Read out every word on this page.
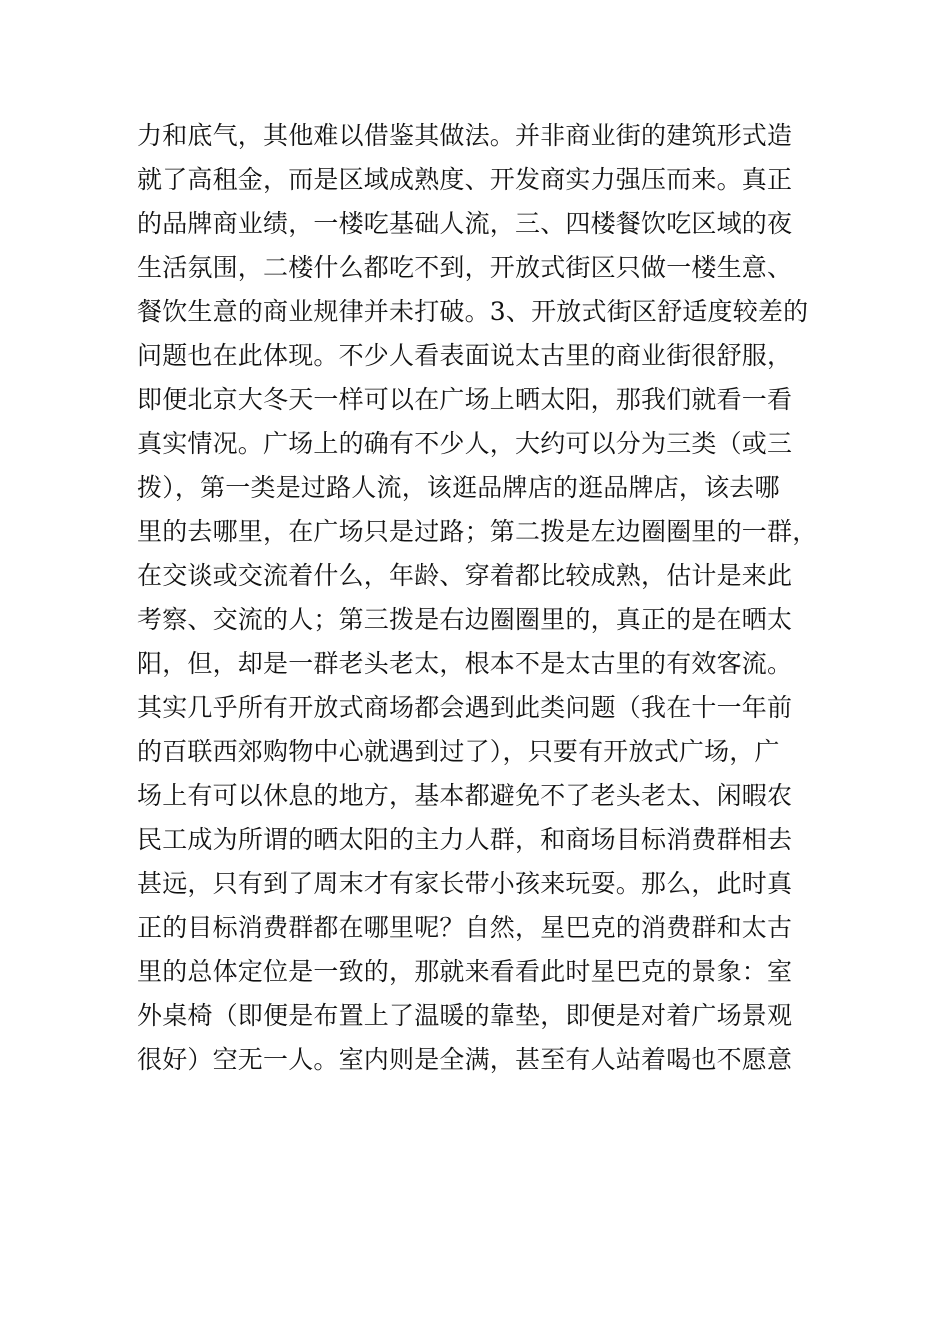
力和底气，其他难以借鉴其做法。并非商业街的建筑形式造
就了高租金，而是区域成熟度、开发商实力强压而来。真正
的品牌商业绩，一楼吃基础人流，三、四楼餐饮吃区域的夜
生活氛围，二楼什么都吃不到，开放式街区只做一楼生意、
餐饮生意的商业规律并未打破。3、开放式街区舒适度较差的
问题也在此体现。不少人看表面说太古里的商业街很舒服，
即便北京大冬天一样可以在广场上晒太阳，那我们就看一看
真实情况。广场上的确有不少人，大约可以分为三类（或三
拨），第一类是过路人流，该逛品牌店的逛品牌店，该去哪
里的去哪里，在广场只是过路；第二拨是左边圈圈里的一群，
在交谈或交流着什么，年龄、穿着都比较成熟，估计是来此
考察、交流的人；第三拨是右边圈圈里的，真正的是在晒太
阳，但，却是一群老头老太，根本不是太古里的有效客流。
其实几乎所有开放式商场都会遇到此类问题（我在十一年前
的百联西郊购物中心就遇到过了），只要有开放式广场，广
场上有可以休息的地方，基本都避免不了老头老太、闲暇农
民工成为所谓的晒太阳的主力人群，和商场目标消费群相去
甚远，只有到了周末才有家长带小孩来玩耍。那么，此时真
正的目标消费群都在哪里呢？自然，星巴克的消费群和太古
里的总体定位是一致的，那就来看看此时星巴克的景象：室
外桌椅（即便是布置上了温暖的靠垫，即便是对着广场景观
很好）空无一人。室内则是全满，甚至有人站着喝也不愿意
